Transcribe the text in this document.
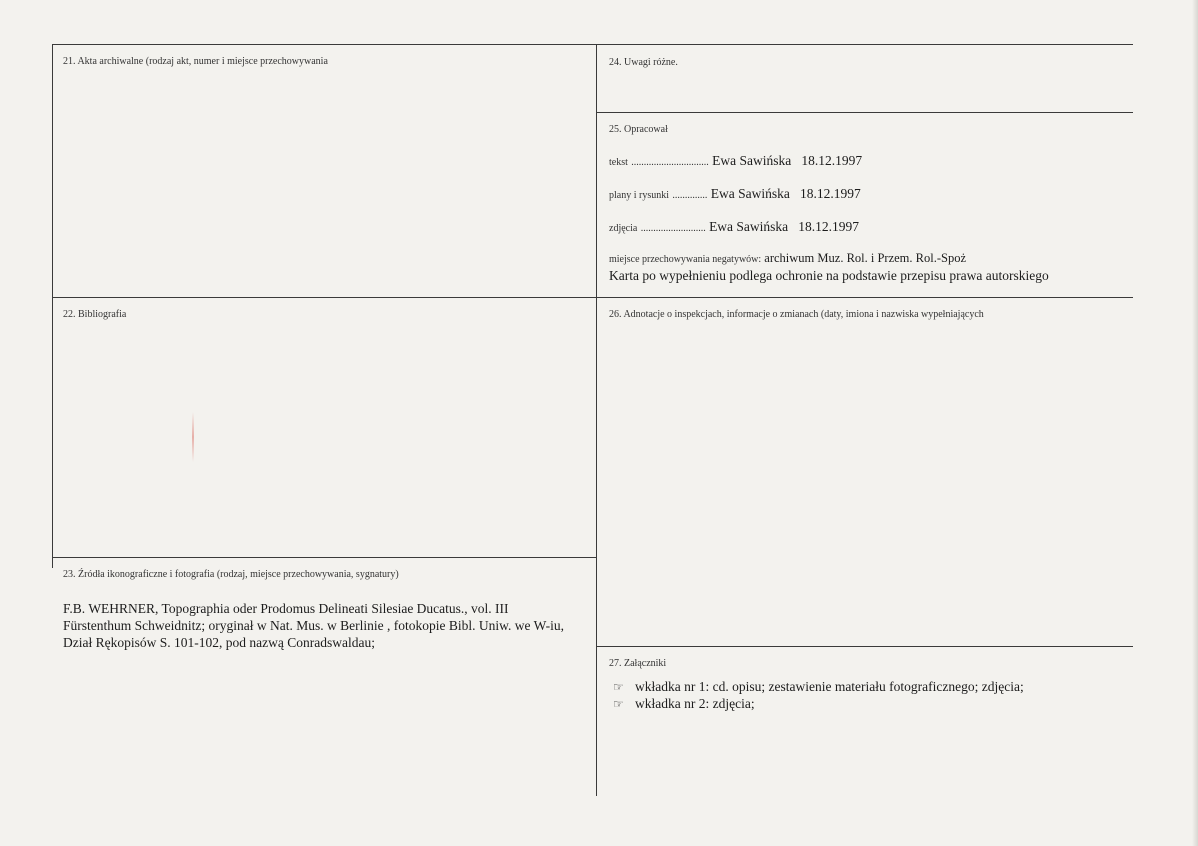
21. Akta archiwalne (rodzaj akt, numer i miejsce przechowywania
22. Bibliografia
23. Źródła ikonograficzne i fotografia (rodzaj, miejsce przechowywania, sygnatury)
F.B. WEHRNER, Topographia oder Prodomus Delineati Silesiae Ducatus., vol. III
Fürstenthum Schweidnitz; oryginał w Nat. Mus. w Berlinie , fotokopie Bibl. Uniw. we W-iu,
Dział Rękopisów S. 101-102, pod nazwą Conradswaldau;
24. Uwagi różne.
25. Opracował
tekst ............................... Ewa Sawińska 18.12.1997
plany i rysunki .............. Ewa Sawińska 18.12.1997
zdjęcia .......................... Ewa Sawińska 18.12.1997
miejsce przechowywania negatywów: archiwum Muz. Rol. i Przem. Rol.-Spoż
Karta po wypełnieniu podlega ochronie na podstawie przepisu prawa autorskiego
26. Adnotacje o inspekcjach, informacje o zmianach (daty, imiona i nazwiska wypełniających
27. Załączniki
☞ wkładka nr 1: cd. opisu; zestawienie materiału fotograficznego; zdjęcia;
☞ wkładka nr 2: zdjęcia;
